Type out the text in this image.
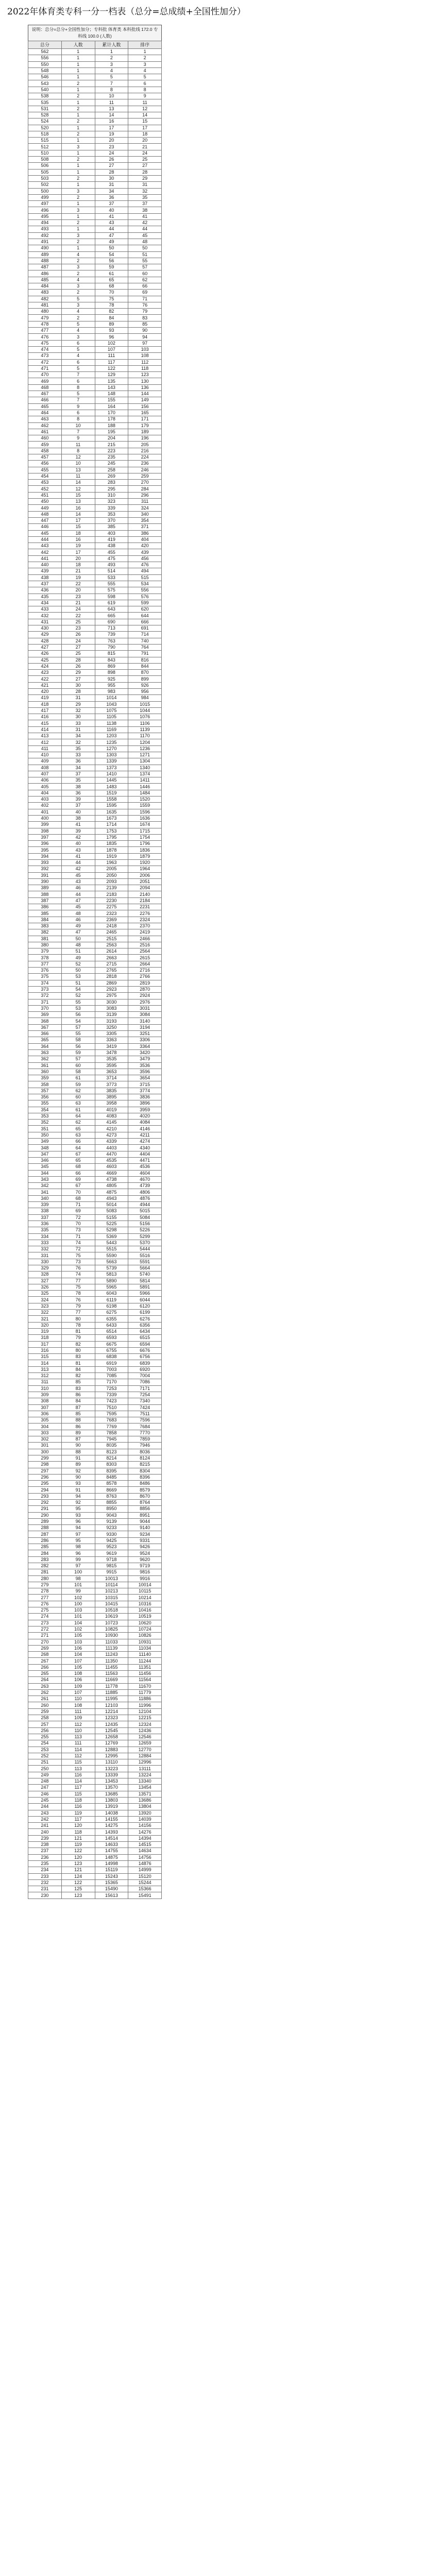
2022年体育类专科一分一档表（总分=总成绩+全国性加分）
说明：总分=总分+全国性加分；专科批 体育类 本科批线 172.0 专科线 100.0 (人数)
总分	人数	累计人数	排序
562	1	1	1
556	1	2	2
550	1	3	3
548	1	4	4
546	1	5	5
543	2	7	6
540	1	8	8
538	2	10	9
535	1	11	11
531	2	13	12
528	1	14	14
524	2	16	15
520	1	17	17
518	2	19	18
515	1	20	20
512	3	23	21
510	1	24	24
508	2	26	25
506	1	27	27
505	1	28	28
503	2	30	29
502	1	31	31
500	3	34	32
499	2	36	35
497	1	37	37
496	3	40	38
495	1	41	41
494	2	43	42
493	1	44	44
492	3	47	45
491	2	49	48
490	1	50	50
489	4	54	51
488	2	56	55
487	3	59	57
486	2	61	60
485	4	65	62
484	3	68	66
483	2	70	69
482	5	75	71
481	3	78	76
480	4	82	79
479	2	84	83
478	5	89	85
477	4	93	90
476	3	96	94
475	6	102	97
474	5	107	103
473	4	111	108
472	6	117	112
471	5	122	118
470	7	129	123
469	6	135	130
468	8	143	136
467	5	148	144
466	7	155	149
465	9	164	156
464	6	170	165
463	8	178	171
462	10	188	179
461	7	195	189
460	9	204	196
459	11	215	205
458	8	223	216
457	12	235	224
456	10	245	236
455	13	258	246
454	11	269	259
453	14	283	270
452	12	295	284
451	15	310	296
450	13	323	311
449	16	339	324
448	14	353	340
447	17	370	354
446	15	385	371
445	18	403	386
444	16	419	404
443	19	438	420
442	17	455	439
441	20	475	456
440	18	493	476
439	21	514	494
438	19	533	515
437	22	555	534
436	20	575	556
435	23	598	576
434	21	619	599
433	24	643	620
432	22	665	644
431	25	690	666
430	23	713	691
429	26	739	714
428	24	763	740
427	27	790	764
426	25	815	791
425	28	843	816
424	26	869	844
423	29	898	870
422	27	925	899
421	30	955	926
420	28	983	956
419	31	1014	984
418	29	1043	1015
417	32	1075	1044
416	30	1105	1076
415	33	1138	1106
414	31	1169	1139
413	34	1203	1170
412	32	1235	1204
411	35	1270	1236
410	33	1303	1271
409	36	1339	1304
408	34	1373	1340
407	37	1410	1374
406	35	1445	1411
405	38	1483	1446
404	36	1519	1484
403	39	1558	1520
402	37	1595	1559
401	40	1635	1596
400	38	1673	1636
399	41	1714	1674
398	39	1753	1715
397	42	1795	1754
396	40	1835	1796
395	43	1878	1836
394	41	1919	1879
393	44	1963	1920
392	42	2005	1964
391	45	2050	2006
390	43	2093	2051
389	46	2139	2094
388	44	2183	2140
387	47	2230	2184
386	45	2275	2231
385	48	2323	2276
384	46	2369	2324
383	49	2418	2370
382	47	2465	2419
381	50	2515	2466
380	48	2563	2516
379	51	2614	2564
378	49	2663	2615
377	52	2715	2664
376	50	2765	2716
375	53	2818	2766
374	51	2869	2819
373	54	2923	2870
372	52	2975	2924
371	55	3030	2976
370	53	3083	3031
369	56	3139	3084
368	54	3193	3140
367	57	3250	3194
366	55	3305	3251
365	58	3363	3306
364	56	3419	3364
363	59	3478	3420
362	57	3535	3479
361	60	3595	3536
360	58	3653	3596
359	61	3714	3654
358	59	3773	3715
357	62	3835	3774
356	60	3895	3836
355	63	3958	3896
354	61	4019	3959
353	64	4083	4020
352	62	4145	4084
351	65	4210	4146
350	63	4273	4211
349	66	4339	4274
348	64	4403	4340
347	67	4470	4404
346	65	4535	4471
345	68	4603	4536
344	66	4669	4604
343	69	4738	4670
342	67	4805	4739
341	70	4875	4806
340	68	4943	4876
339	71	5014	4944
338	69	5083	5015
337	72	5155	5084
336	70	5225	5156
335	73	5298	5226
334	71	5369	5299
333	74	5443	5370
332	72	5515	5444
331	75	5590	5516
330	73	5663	5591
329	76	5739	5664
328	74	5813	5740
327	77	5890	5814
326	75	5965	5891
325	78	6043	5966
324	76	6119	6044
323	79	6198	6120
322	77	6275	6199
321	80	6355	6276
320	78	6433	6356
319	81	6514	6434
318	79	6593	6515
317	82	6675	6594
316	80	6755	6676
315	83	6838	6756
314	81	6919	6839
313	84	7003	6920
312	82	7085	7004
311	85	7170	7086
310	83	7253	7171
309	86	7339	7254
308	84	7423	7340
307	87	7510	7424
306	85	7595	7511
305	88	7683	7596
304	86	7769	7684
303	89	7858	7770
302	87	7945	7859
301	90	8035	7946
300	88	8123	8036
299	91	8214	8124
298	89	8303	8215
297	92	8395	8304
296	90	8485	8396
295	93	8578	8486
294	91	8669	8579
293	94	8763	8670
292	92	8855	8764
291	95	8950	8856
290	93	9043	8951
289	96	9139	9044
288	94	9233	9140
287	97	9330	9234
286	95	9425	9331
285	98	9523	9426
284	96	9619	9524
283	99	9718	9620
282	97	9815	9719
281	100	9915	9816
280	98	10013	9916
279	101	10114	10014
278	99	10213	10115
277	102	10315	10214
276	100	10415	10316
275	103	10518	10416
274	101	10619	10519
273	104	10723	10620
272	102	10825	10724
271	105	10930	10826
270	103	11033	10931
269	106	11139	11034
268	104	11243	11140
267	107	11350	11244
266	105	11455	11351
265	108	11563	11456
264	106	11669	11564
263	109	11778	11670
262	107	11885	11779
261	110	11995	11886
260	108	12103	11996
259	111	12214	12104
258	109	12323	12215
257	112	12435	12324
256	110	12545	12436
255	113	12658	12546
254	111	12769	12659
253	114	12883	12770
252	112	12995	12884
251	115	13110	12996
250	113	13223	13111
249	116	13339	13224
248	114	13453	13340
247	117	13570	13454
246	115	13685	13571
245	118	13803	13686
244	116	13919	13804
243	119	14038	13920
242	117	14155	14039
241	120	14275	14156
240	118	14393	14276
239	121	14514	14394
238	119	14633	14515
237	122	14755	14634
236	120	14875	14756
235	123	14998	14876
234	121	15119	14999
233	124	15243	15120
232	122	15365	15244
231	125	15490	15366
230	123	15613	15491
